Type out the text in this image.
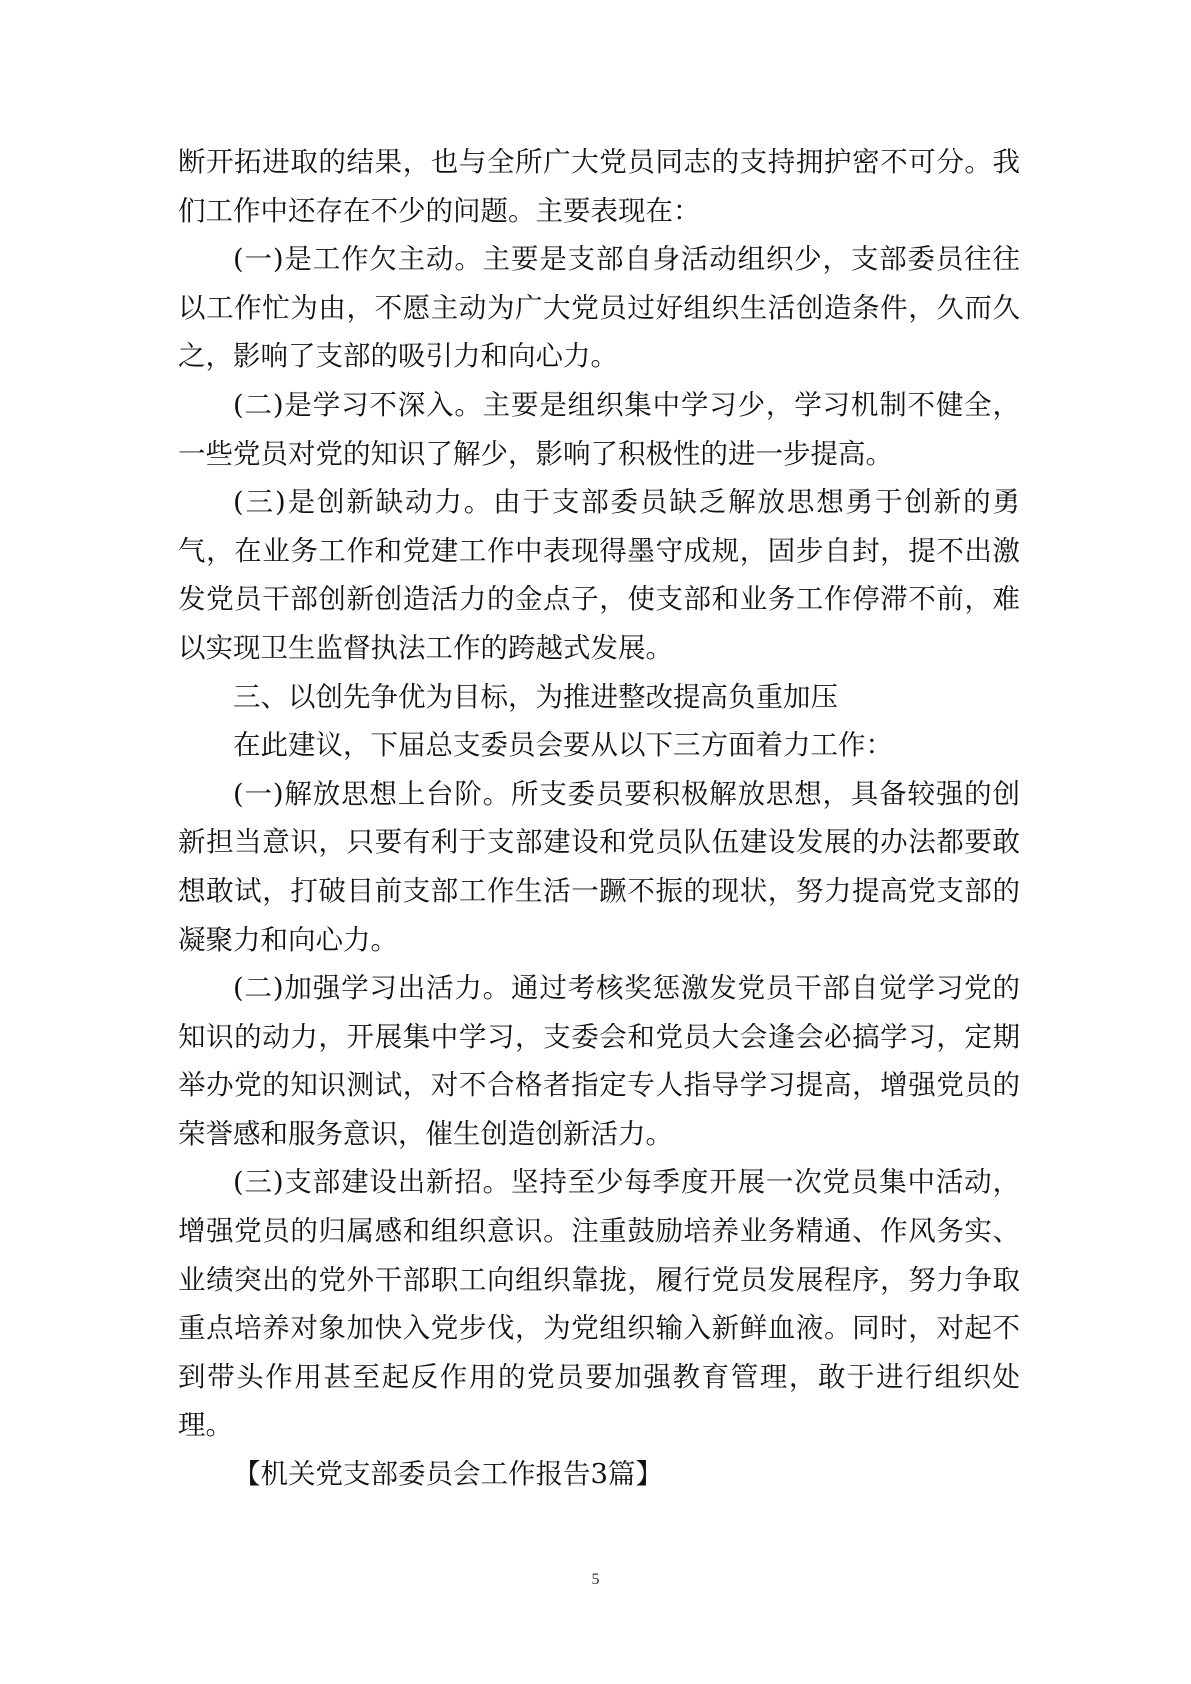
断开拓进取的结果，也与全所广大党员同志的支持拥护密不可分。我们工作中还存在不少的问题。主要表现在：

(一)是工作欠主动。主要是支部自身活动组织少，支部委员往往以工作忙为由，不愿主动为广大党员过好组织生活创造条件，久而久之，影响了支部的吸引力和向心力。

(二)是学习不深入。主要是组织集中学习少，学习机制不健全，一些党员对党的知识了解少，影响了积极性的进一步提高。

(三)是创新缺动力。由于支部委员缺乏解放思想勇于创新的勇气，在业务工作和党建工作中表现得墨守成规，固步自封，提不出激发党员干部创新创造活力的金点子，使支部和业务工作停滞不前，难以实现卫生监督执法工作的跨越式发展。

三、以创先争优为目标，为推进整改提高负重加压

在此建议，下届总支委员会要从以下三方面着力工作：

(一)解放思想上台阶。所支委员要积极解放思想，具备较强的创新担当意识，只要有利于支部建设和党员队伍建设发展的办法都要敢想敢试，打破目前支部工作生活一蹶不振的现状，努力提高党支部的凝聚力和向心力。

(二)加强学习出活力。通过考核奖惩激发党员干部自觉学习党的知识的动力，开展集中学习，支委会和党员大会逢会必搞学习，定期举办党的知识测试，对不合格者指定专人指导学习提高，增强党员的荣誉感和服务意识，催生创造创新活力。

(三)支部建设出新招。坚持至少每季度开展一次党员集中活动，增强党员的归属感和组织意识。注重鼓励培养业务精通、作风务实、业绩突出的党外干部职工向组织靠拢，履行党员发展程序，努力争取重点培养对象加快入党步伐，为党组织输入新鲜血液。同时，对起不到带头作用甚至起反作用的党员要加强教育管理，敢于进行组织处理。

【机关党支部委员会工作报告3篇】

5
